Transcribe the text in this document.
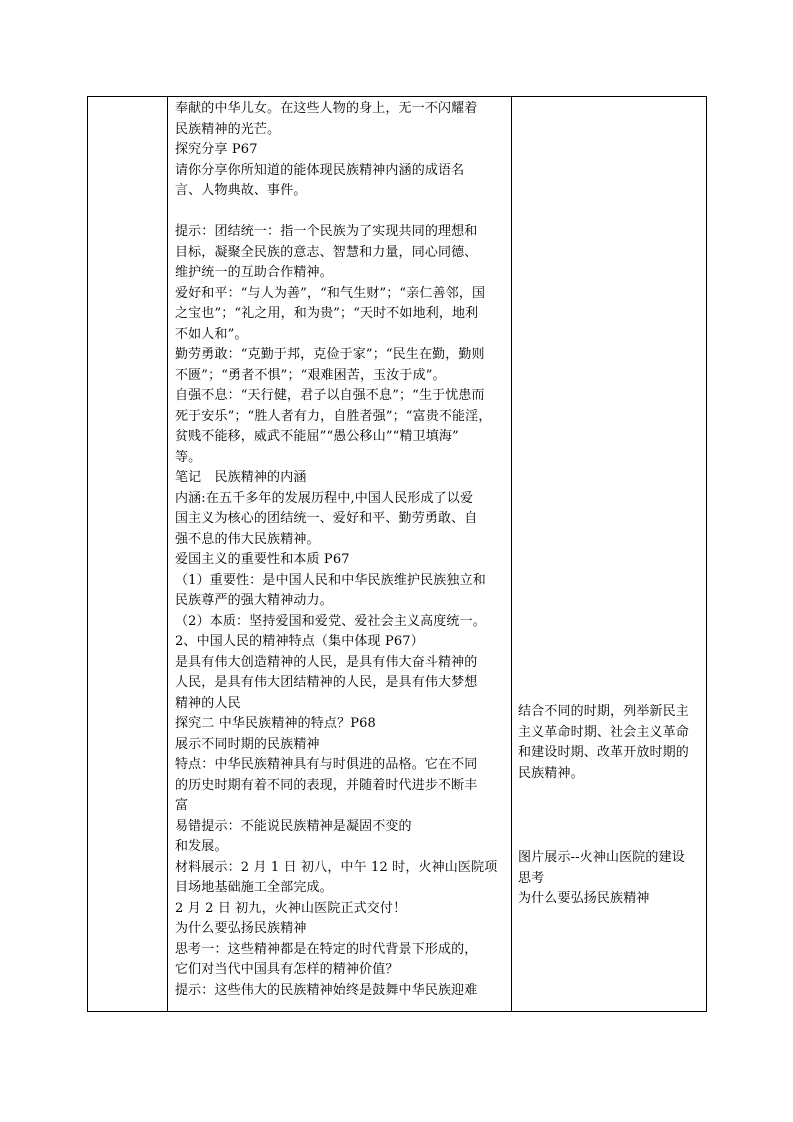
奉献的中华儿女。在这些人物的身上，无一不闪耀着
民族精神的光芒。
探究分享 P67
请你分享你所知道的能体现民族精神内涵的成语名
言、人物典故、事件。
提示：团结统一：指一个民族为了实现共同的理想和
目标，凝聚全民族的意志、智慧和力量，同心同德、
维护统一的互助合作精神。
爱好和平：“与人为善”，“和气生财”；“亲仁善邻，国
之宝也”；“礼之用，和为贵”；“天时不如地利，地利
不如人和”。
勤劳勇敢：“克勤于邦，克俭于家”；“民生在勤，勤则
不匮”；“勇者不惧”；“艰难困苦，玉汝于成”。
自强不息：“天行健，君子以自强不息”；“生于忧患而
死于安乐”；“胜人者有力，自胜者强”；“富贵不能淫，
贫贱不能移，威武不能屈”“愚公移山”“精卫填海”
等。
笔记　民族精神的内涵
内涵:在五千多年的发展历程中,中国人民形成了以爱
国主义为核心的团结统一、爱好和平、勤劳勇敢、自
强不息的伟大民族精神。
爱国主义的重要性和本质 P67
（1）重要性：是中国人民和中华民族维护民族独立和
民族尊严的强大精神动力。
（2）本质：坚持爱国和爱党、爱社会主义高度统一。
2、中国人民的精神特点（集中体现 P67）
是具有伟大创造精神的人民，是具有伟大奋斗精神的
人民，是具有伟大团结精神的人民，是具有伟大梦想
精神的人民
探究二 中华民族精神的特点？P68
展示不同时期的民族精神
特点：中华民族精神具有与时俱进的品格。它在不同
的历史时期有着不同的表现，并随着时代进步不断丰
富
易错提示：不能说民族精神是凝固不变的
和发展。
材料展示：2 月 1 日 初八，中午 12 时，火神山医院项
目场地基础施工全部完成。
2 月 2 日 初九，火神山医院正式交付！
为什么要弘扬民族精神
思考一：这些精神都是在特定的时代背景下形成的，
它们对当代中国具有怎样的精神价值？
提示：这些伟大的民族精神始终是鼓舞中华民族迎难
结合不同的时期，列举新民主
主义革命时期、社会主义革命
和建设时期、改革开放时期的
民族精神。
图片展示--火神山医院的建设
思考
为什么要弘扬民族精神
